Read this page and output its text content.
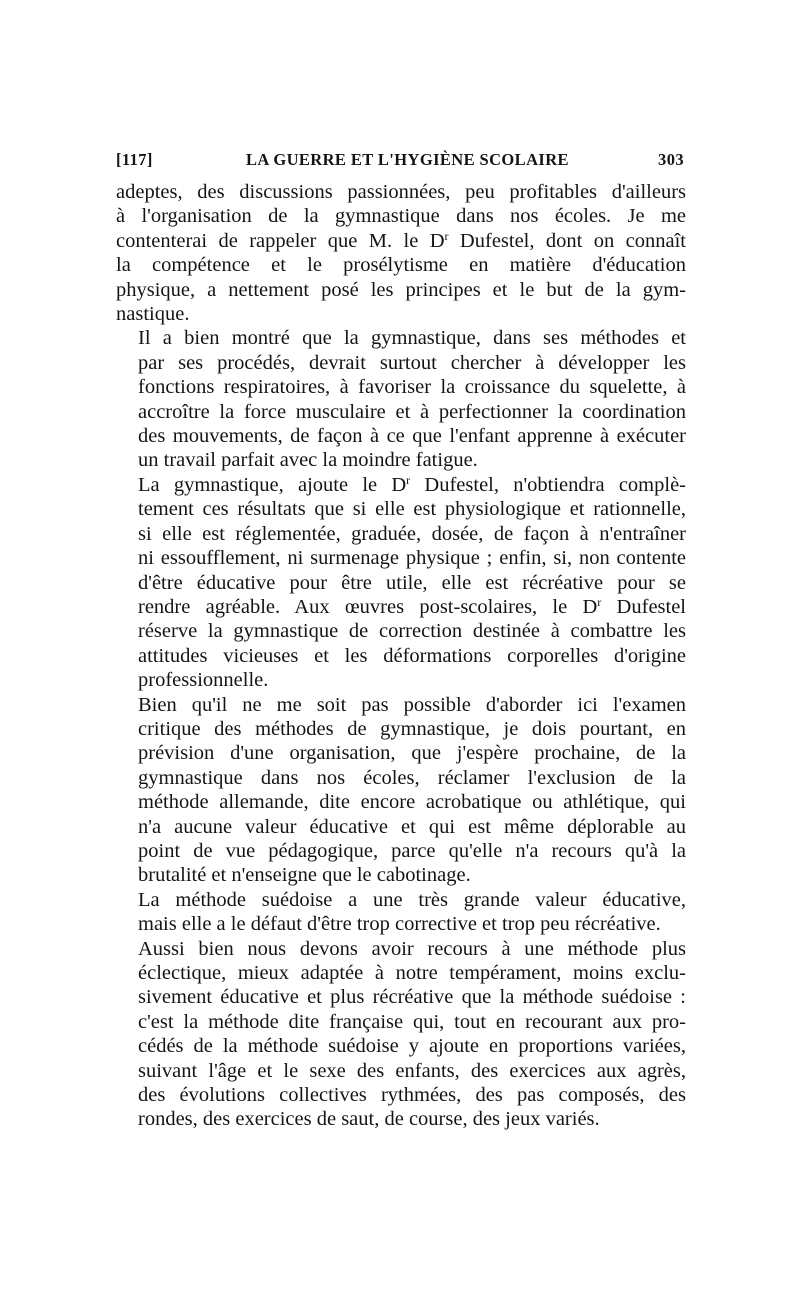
[117]	LA GUERRE ET L'HYGIÈNE SCOLAIRE	303

adeptes, des discussions passionnées, peu profitables d'ailleurs
à l'organisation de la gymnastique dans nos écoles. Je me
contenterai de rappeler que M. le $D^r$ Dufestel, dont on connaît
la compétence et le prosélytisme en matière d'éducation
physique, a nettement posé les principes et le but de la gym-
nastique.

Il a bien montré que la gymnastique, dans ses méthodes et
par ses procédés, devrait surtout chercher à développer les
fonctions respiratoires, à favoriser la croissance du squelette, à
accroître la force musculaire et à perfectionner la coordination
des mouvements, de façon à ce que l'enfant apprenne à exécuter
un travail parfait avec la moindre fatigue.

La gymnastique, ajoute le $D^r$ Dufestel, n'obtiendra complè-
tement ces résultats que si elle est physiologique et rationnelle,
si elle est réglementée, graduée, dosée, de façon à n'entraîner
ni essoufflement, ni surmenage physique ; enfin, si, non contente
d'être éducative pour être utile, elle est récréative pour se
rendre agréable. Aux œuvres post-scolaires, le $D^r$ Dufestel
réserve la gymnastique de correction destinée à combattre les
attitudes vicieuses et les déformations corporelles d'origine
professionnelle.

Bien qu'il ne me soit pas possible d'aborder ici l'examen
critique des méthodes de gymnastique, je dois pourtant, en
prévision d'une organisation, que j'espère prochaine, de la
gymnastique dans nos écoles, réclamer l'exclusion de la
méthode allemande, dite encore acrobatique ou athlétique, qui
n'a aucune valeur éducative et qui est même déplorable au
point de vue pédagogique, parce qu'elle n'a recours qu'à la
brutalité et n'enseigne que le cabotinage.

La méthode suédoise a une très grande valeur éducative,
mais elle a le défaut d'être trop corrective et trop peu récréative.

Aussi bien nous devons avoir recours à une méthode plus
éclectique, mieux adaptée à notre tempérament, moins exclu-
sivement éducative et plus récréative que la méthode suédoise :
c'est la méthode dite française qui, tout en recourant aux pro-
cédés de la méthode suédoise y ajoute en proportions variées,
suivant l'âge et le sexe des enfants, des exercices aux agrès,
des évolutions collectives rythmées, des pas composés, des
rondes, des exercices de saut, de course, des jeux variés.
